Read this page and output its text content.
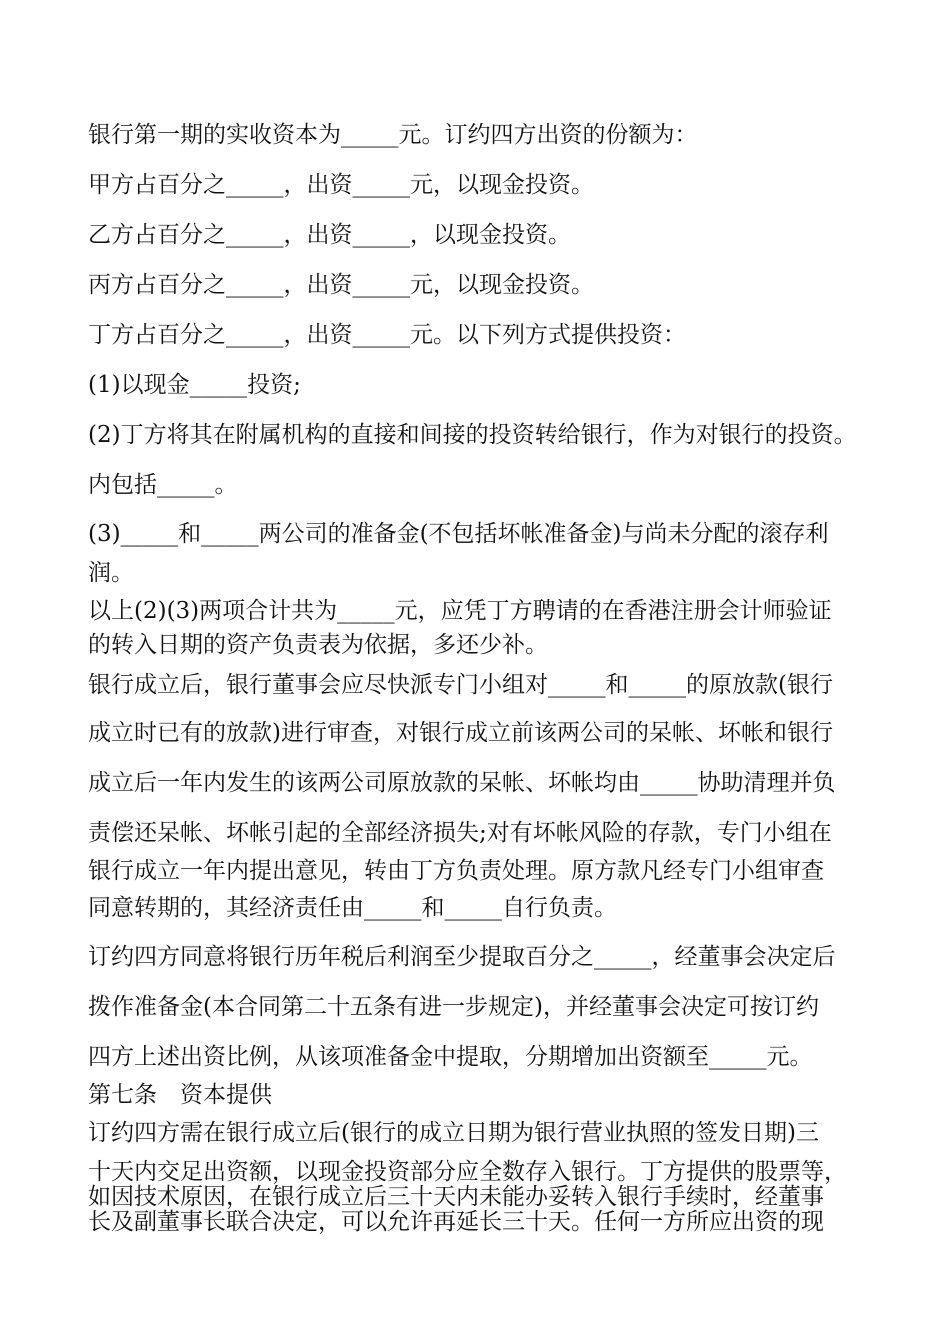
银行第一期的实收资本为_____元。订约四方出资的份额为：
甲方占百分之_____，出资_____元，以现金投资。
乙方占百分之_____，出资_____，以现金投资。
丙方占百分之_____，出资_____元，以现金投资。
丁方占百分之_____，出资_____元。以下列方式提供投资：
(1)以现金_____投资;
(2)丁方将其在附属机构的直接和间接的投资转给银行，作为对银行的投资。
内包括_____。
(3)_____和_____两公司的准备金(不包括坏帐准备金)与尚未分配的滚存利
润。
以上(2)(3)两项合计共为_____元，应凭丁方聘请的在香港注册会计师验证
的转入日期的资产负责表为依据，多还少补。
银行成立后，银行董事会应尽快派专门小组对_____和_____的原放款(银行
成立时已有的放款)进行审查，对银行成立前该两公司的呆帐、坏帐和银行
成立后一年内发生的该两公司原放款的呆帐、坏帐均由_____协助清理并负
责偿还呆帐、坏帐引起的全部经济损失;对有坏帐风险的存款，专门小组在
银行成立一年内提出意见，转由丁方负责处理。原方款凡经专门小组审查
同意转期的，其经济责任由_____和_____自行负责。
订约四方同意将银行历年税后利润至少提取百分之_____，经董事会决定后
拨作准备金(本合同第二十五条有进一步规定)，并经董事会决定可按订约
四方上述出资比例，从该项准备金中提取，分期增加出资额至_____元。
第七条　资本提供
订约四方需在银行成立后(银行的成立日期为银行营业执照的签发日期)三
十天内交足出资额，以现金投资部分应全数存入银行。丁方提供的股票等，
如因技术原因，在银行成立后三十天内未能办妥转入银行手续时，经董事
长及副董事长联合决定，可以允许再延长三十天。任何一方所应出资的现
